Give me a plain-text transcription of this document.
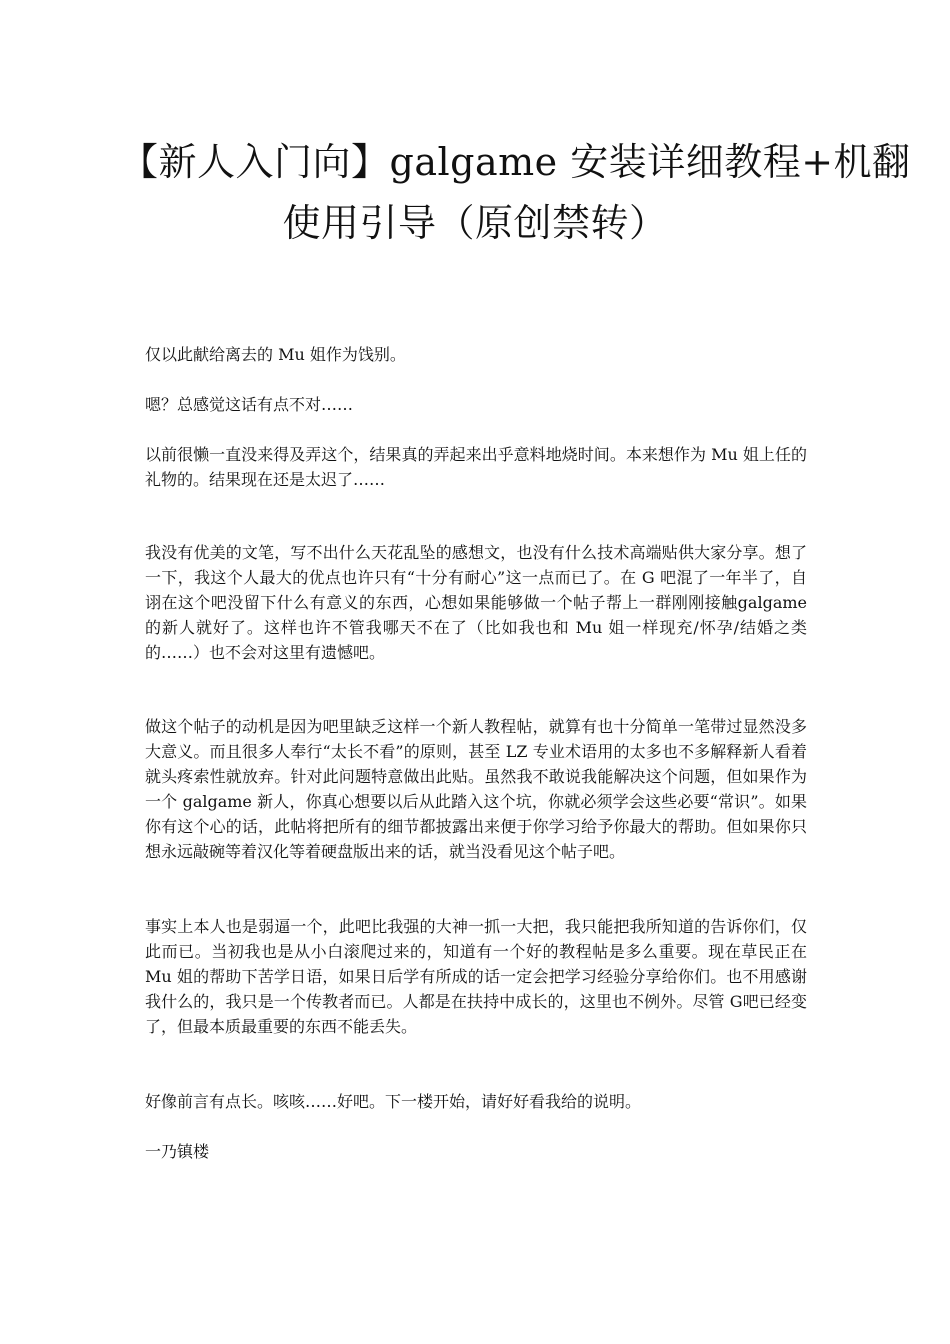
【新人入门向】galgame 安装详细教程+机翻
使用引导（原创禁转）
仅以此献给离去的 Mu 姐作为饯别。
嗯？总感觉这话有点不对……
以前很懒一直没来得及弄这个，结果真的弄起来出乎意料地烧时间。本来想作为 Mu 姐上任的礼物的。结果现在还是太迟了……
我没有优美的文笔，写不出什么天花乱坠的感想文，也没有什么技术高端贴供大家分享。想了一下，我这个人最大的优点也许只有“十分有耐心”这一点而已了。在 G 吧混了一年半了，自诩在这个吧没留下什么有意义的东西，心想如果能够做一个帖子帮上一群刚刚接触galgame 的新人就好了。这样也许不管我哪天不在了（比如我也和 Mu 姐一样现充/怀孕/结婚之类的……）也不会对这里有遗憾吧。
做这个帖子的动机是因为吧里缺乏这样一个新人教程帖，就算有也十分简单一笔带过显然没多大意义。而且很多人奉行“太长不看”的原则，甚至 LZ 专业术语用的太多也不多解释新人看着就头疼索性就放弃。针对此问题特意做出此贴。虽然我不敢说我能解决这个问题，但如果作为一个 galgame 新人，你真心想要以后从此踏入这个坑，你就必须学会这些必要“常识”。如果你有这个心的话，此帖将把所有的细节都披露出来便于你学习给予你最大的帮助。但如果你只想永远敲碗等着汉化等着硬盘版出来的话，就当没看见这个帖子吧。
事实上本人也是弱逼一个，此吧比我强的大神一抓一大把，我只能把我所知道的告诉你们，仅此而已。当初我也是从小白滚爬过来的，知道有一个好的教程帖是多么重要。现在草民正在 Mu 姐的帮助下苦学日语，如果日后学有所成的话一定会把学习经验分享给你们。也不用感谢我什么的，我只是一个传教者而已。人都是在扶持中成长的，这里也不例外。尽管 G吧已经变了，但最本质最重要的东西不能丢失。
好像前言有点长。咳咳……好吧。下一楼开始，请好好看我给的说明。
一乃镇楼
